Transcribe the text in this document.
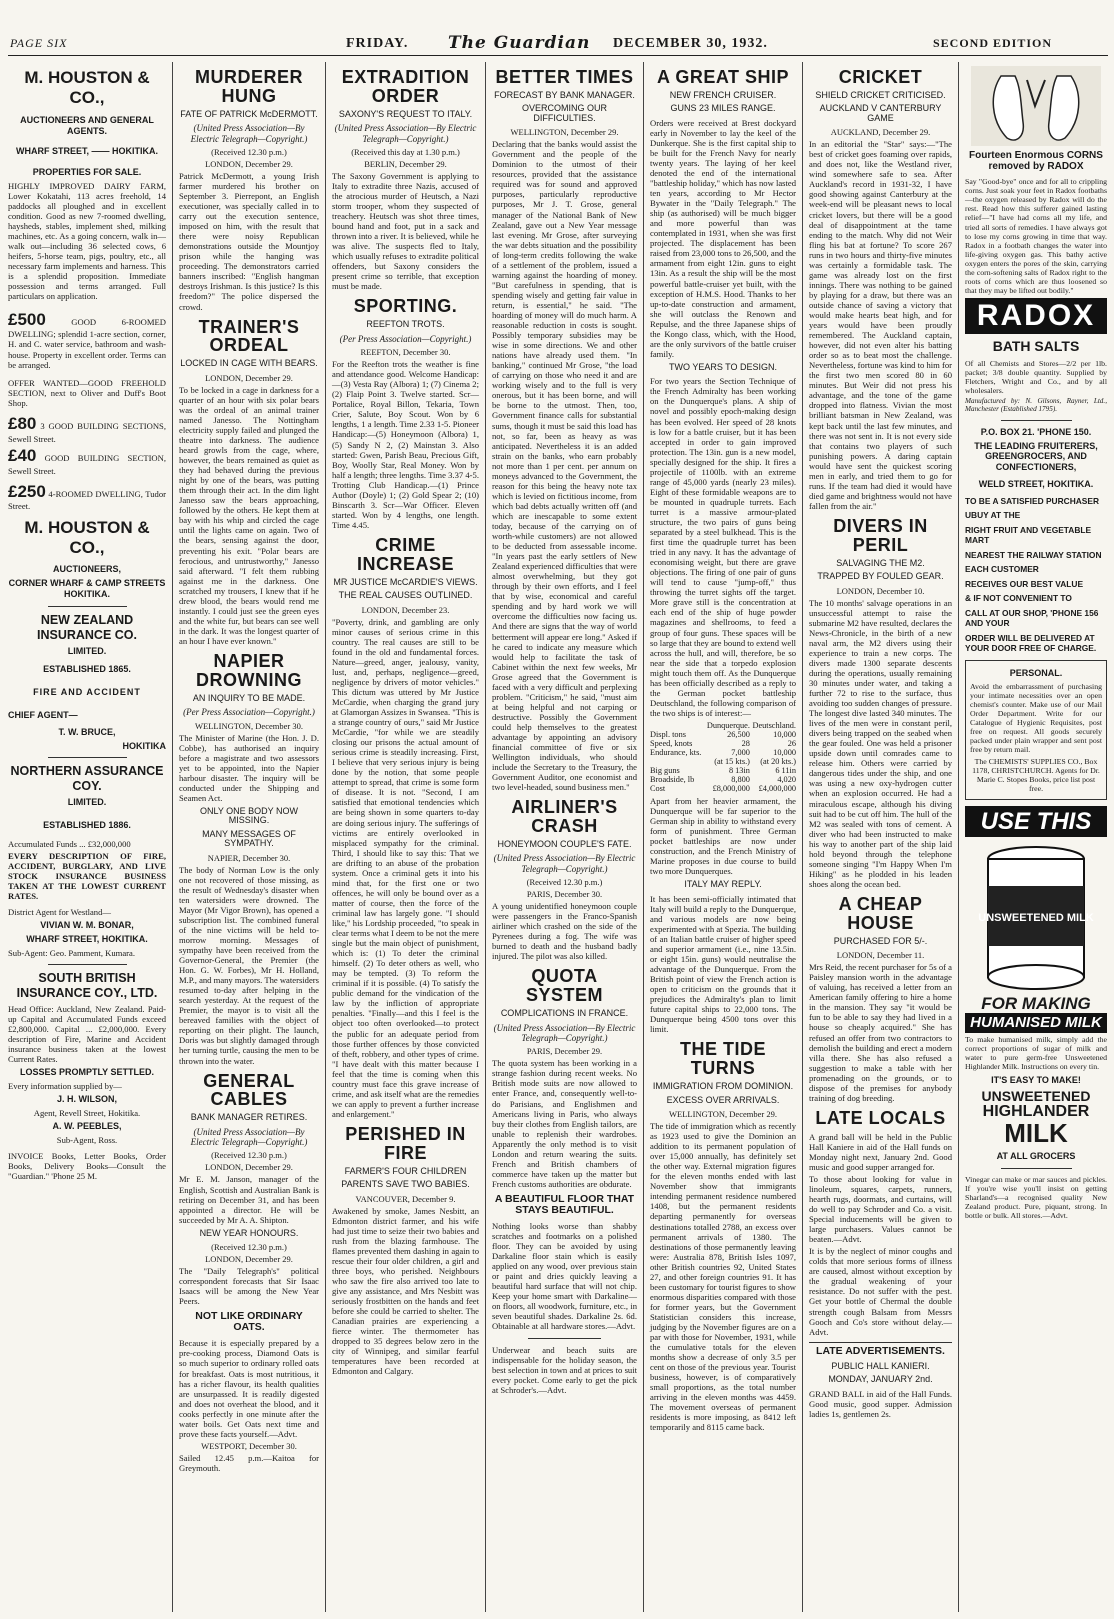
PAGE SIX	FRIDAY. The Guardian DECEMBER 30, 1932.	SECOND EDITION
M. HOUSTON & CO.,
AUCTIONEERS AND GENERAL AGENTS.
WHARF STREET, —— HOKITIKA.
PROPERTIES FOR SALE.
HIGHLY IMPROVED DAIRY FARM, Lower Kokatahi, 113 acres freehold, 14 paddocks all ploughed and in excellent condition. Good as new 7-roomed dwelling, haysheds, stables, implement shed, milking machines, etc. As a going concern, walk in—walk out—including 36 selected cows, 6 heifers, 5-horse team, pigs, poultry, etc., all necessary farm implements and harness. This is a splendid proposition. Immediate possession and terms arranged. Full particulars on application.
£500	GOOD 6-ROOMED DWELLING; splendid 1-acre section, corner, H. and C. water service, bathroom and wash-house. Property in excellent order. Terms can be arranged.
OFFER WANTED—GOOD FREEHOLD SECTION, next to Oliver and Duff's Boot Shop.
£80 3 GOOD BUILDING SECTIONS, Sewell Street.
£40 GOOD BUILDING SECTION, Sewell Street.
£250 4-ROOMED DWELLING, Tudor Street.
M. HOUSTON & CO.,
AUCTIONEERS,
CORNER WHARF & CAMP STREETS HOKITIKA.
NEW ZEALAND INSURANCE CO.
LIMITED.
ESTABLISHED 1865.
FIRE AND ACCIDENT
CHIEF AGENT—
T. W. BRUCE,
HOKITIKA
NORTHERN ASSURANCE COY.
LIMITED.
ESTABLISHED 1886.
Accumulated Funds ... £32,000,000
EVERY DESCRIPTION OF FIRE, ACCIDENT, BURGLARY, AND LIVE STOCK INSURANCE BUSINESS TAKEN AT THE LOWEST CURRENT RATES.
District Agent for Westland—
VIVIAN W. M. BONAR,
WHARF STREET, HOKITIKA.
Sub-Agent: Geo. Pamment, Kumara.
SOUTH BRITISH INSURANCE COY., LTD.
Head Office: Auckland, New Zealand. Paid-up Capital and Accumulated Funds exceed £2,800,000. Capital ... £2,000,000. Every description of Fire, Marine and Accident insurance business taken at the lowest Current Rates.
LOSSES PROMPTLY SETTLED.
Every information supplied by—
J. H. WILSON,
Agent, Revell Street, Hokitika.
A. W. PEEBLES,
Sub-Agent, Ross.
INVOICE Books, Letter Books, Order Books, Delivery Books—Consult the "Guardian." 'Phone 25 M.
MURDERER HUNG
FATE OF PATRICK McDERMOTT.
(United Press Association—By Electric Telegraph—Copyright.)
(Received 12.30 p.m.)
LONDON, December 29.
Patrick McDermott, a young Irish farmer murdered his brother on September 3. Pierrepont, an English executioner, was specially called in to carry out the execution sentence, imposed on him, with the result that there were noisy Republican demonstrations outside the Mountjoy prison while the hanging was proceeding. The demonstrators carried banners inscribed: "English hangman destroys Irishman. Is this justice? Is this freedom?" The police dispersed the crowd.
TRAINER'S ORDEAL
LOCKED IN CAGE WITH BEARS.
LONDON, December 29.
To be locked in a cage in darkness for a quarter of an hour with six polar bears was the ordeal of an animal trainer named Janesso. The Nottingham electricity supply failed and plunged the theatre into darkness. The audience heard growls from the cage, where, however, the bears remained as quiet as they had behaved during the previous night by one of the bears, was putting them through their act. In the dim light Janesso saw the bears approaching, followed by the others. He kept them at bay with his whip and circled the cage until the lights came on again. Two of the bears, sensing against the door, preventing his exit. "Polar bears are ferocious, and untrustworthy," Janesso said afterward. "I felt them rubbing against me in the darkness. One scratched my trousers, I knew that if he drew blood, the bears would rend me instantly. I could just see the green eyes and the white fur, but bears can see well in the dark. It was the longest quarter of an hour I have ever known."
NAPIER DROWNING
AN INQUIRY TO BE MADE.
(Per Press Association—Copyright.)
WELLINGTON, December 30.
The Minister of Marine (the Hon. J. D. Cobbe), has authorised an inquiry before a magistrate and two assessors yet to be appointed, into the Napier harbour disaster. The inquiry will be conducted under the Shipping and Seamen Act.
ONLY ONE BODY NOW MISSING.
MANY MESSAGES OF SYMPATHY.
NAPIER, December 30.
The body of Norman Low is the only one not recovered of those missing, as the result of Wednesday's disaster when ten watersiders were drowned. The Mayor (Mr Vigor Brown), has opened a subscription list. The combined funeral of the nine victims will be held to-morrow morning. Messages of sympathy have been received from the Governor-General, the Premier (the Hon. G. W. Forbes), Mr H. Holland, M.P., and many mayors. The watersiders resumed to-day after helping in the search yesterday. At the request of the Premier, the mayor is to visit all the bereaved families with the object of reporting on their plight. The launch, Doris was but slightly damaged through her turning turtle, causing the men to be thrown into the water.
GENERAL CABLES
BANK MANAGER RETIRES.
(United Press Association—By Electric Telegraph—Copyright.)
(Received 12.30 p.m.)
LONDON, December 29.
Mr E. M. Janson, manager of the English, Scottish and Australian Bank is retiring on December 31, and has been appointed a director. He will be succeeded by Mr A. A. Shipton.
NEW YEAR HONOURS.
(Received 12.30 p.m.)
LONDON, December 29.
The "Daily Telegraph's" political correspondent forecasts that Sir Isaac Isaacs will be among the New Year Peers.
NOT LIKE ORDINARY OATS.
Because it is especially prepared by a pre-cooking process, Diamond Oats is so much superior to ordinary rolled oats for breakfast. Oats is most nutritious, it has a richer flavour, its health qualities are unsurpassed. It is readily digested and does not overheat the blood, and it cooks perfectly in one minute after the water boils. Get Oats next time and prove these facts yourself.—Advt.
WESTPORT, December 30.
Sailed 12.45 p.m.—Kaitoa for Greymouth.
EXTRADITION ORDER
SAXONY'S REQUEST TO ITALY.
(United Press Association—By Electric Telegraph—Copyright.)
(Received this day at 1.30 p.m.)
BERLIN, December 29.
The Saxony Government is applying to Italy to extradite three Nazis, accused of the atrocious murder of Heutsch, a Nazi storm trooper, whom they suspected of treachery. Heutsch was shot three times, bound hand and foot, put in a sack and thrown into a river. It is believed, while he was alive. The suspects fled to Italy, which usually refuses to extradite political offenders, but Saxony considers the present crime so terrible, that exception must be made.
SPORTING.
REEFTON TROTS.
(Per Press Association—Copyright.)
REEFTON, December 30.
For the Reefton trots the weather is fine and attendance good. Welcome Handicap:—(3) Vesta Ray (Albora) 1; (7) Cinema 2; (2) Flaip Point 3. Twelve started. Scr—Portalice, Royal Billon, Tekaria, Town Crier, Salute, Boy Scout. Won by 6 lengths, 1 a length. Time 2.33 1-5. Pioneer Handicap:—(5) Honeymoon (Albora) 1, (5) Sandy N 2, (2) Mainstan 3. Also started: Gwen, Parish Beau, Precious Gift, Boy, Woolly Star, Real Money. Won by half a length; three lengths. Time 3.37 4-5. Trotting Club Handicap.—(1) Prince Author (Doyle) 1; (2) Gold Spear 2; (10) Binscarth 3. Scr—War Officer. Eleven started. Won by 4 lengths, one length. Time 4.45.
CRIME INCREASE
MR JUSTICE McCARDIE'S VIEWS.
THE REAL CAUSES OUTLINED.
LONDON, December 23.
"Poverty, drink, and gambling are only minor causes of serious crime in this country. The real causes are still to be found in the old and fundamental forces. Nature—greed, anger, jealousy, vanity, lust, and, perhaps, negligence—greed, negligence by drivers of motor vehicles." This dictum was uttered by Mr Justice McCardie, when charging the grand jury at Glamorgan Assizes in Swansea. "This is a strange country of ours," said Mr Justice McCardie, "for while we are steadily closing our prisons the actual amount of serious crime is steadily increasing. First, I believe that very serious injury is being done by the notion, that some people attempt to spread, that crime is some form of disease. It is not. "Second, I am satisfied that emotional tendencies which are being shown in some quarters to-day are doing serious injury. The sufferings of victims are entirely overlooked in misplaced sympathy for the criminal. Third, I should like to say this: That we are drifting to an abuse of the probation system. Once a criminal gets it into his mind that, for the first one or two offences, he will only be bound over as a matter of course, then the force of the criminal law has largely gone. "I should like," his Lordship proceeded, "to speak in clear terms what I deem to be not the mere single but the main object of punishment, which is: (1) To deter the criminal himself. (2) To deter others as well, who may be tempted. (3) To reform the criminal if it is possible. (4) To satisfy the public demand for the vindication of the law by the infliction of appropriate penalties. "Finally—and this I feel is the object too often overlooked—to protect the public for an adequate period from those further offences by those convicted of theft, robbery, and other types of crime. "I have dealt with this matter because I feel that the time is coming when this country must face this grave increase of crime, and ask itself what are the remedies we can apply to prevent a further increase and enlargement."
PERISHED IN FIRE
FARMER'S FOUR CHILDREN
PARENTS SAVE TWO BABIES.
VANCOUVER, December 9.
Awakened by smoke, James Nesbitt, an Edmonton district farmer, and his wife had just time to seize their two babies and rush from the blazing farmhouse. The flames prevented them dashing in again to rescue their four older children, a girl and three boys, who perished. Neighbours who saw the fire also arrived too late to give any assistance, and Mrs Nesbitt was seriously frostbitten on the hands and feet before she could be carried to shelter. The Canadian prairies are experiencing a fierce winter. The thermometer has dropped to 35 degrees below zero in the city of Winnipeg, and similar fearful temperatures have been recorded at Edmonton and Calgary.
BETTER TIMES
FORECAST BY BANK MANAGER.
OVERCOMING OUR DIFFICULTIES.
WELLINGTON, December 29.
Declaring that the banks would assist the Government and the people of the Dominion to the utmost of their resources, provided that the assistance required was for sound and approved purposes, particularly reproductive purposes, Mr J. T. Grose, general manager of the National Bank of New Zealand, gave out a New Year message last evening. Mr Grose, after surveying the war debts situation and the possibility of long-term credits following the wake of a settlement of the problem, issued a warning against the hoarding of money. "But carefulness in spending, that is spending wisely and getting fair value in return, is essential," he said. "The hoarding of money will do much harm. A reasonable reduction in costs is sought. Possibly temporary subsidies may be wise in some directions. We and other nations have already used them. "In banking," continued Mr Grose, "the load of carrying on those who need it and are working wisely and to the full is very onerous, but it has been borne, and will be borne to the utmost. Then, too, Government finance calls for substantial sums, though it must be said this load has not, so far, been as heavy as was anticipated. Nevertheless it is an added strain on the banks, who earn probably not more than 1 per cent. per annum on moneys advanced to the Government, the reason for this being the heavy note tax which is levied on fictitious income, from which bad debts actually written off (and which are inescapable to some extent today, because of the carrying on of worth-while customers) are not allowed to be deducted from assessable income. "In years past the early settlers of New Zealand experienced difficulties that were almost overwhelming, but they got through by their own efforts, and I feel that by wise, economical and careful spending and by hard work we will overcome the difficulties now facing us. And there are signs that the way of world betterment will appear ere long." Asked if he cared to indicate any measure which would help to facilitate the task of Cabinet within the next few weeks, Mr Grose agreed that the Government is faced with a very difficult and perplexing problem. "Criticism," he said, "must aim at being helpful and not carping or destructive. Possibly the Government could help themselves to the greatest advantage by appointing an advisory financial committee of five or six Wellington individuals, who should include the Secretary to the Treasury, the Government Auditor, one economist and two level-headed, sound business men."
AIRLINER'S CRASH
HONEYMOON COUPLE'S FATE.
(United Press Association—By Electric Telegraph—Copyright.)
(Received 12.30 p.m.)
PARIS, December 30.
A young unidentified honeymoon couple were passengers in the Franco-Spanish airliner which crashed on the side of the Pyrenees during a fog. The wife was burned to death and the husband badly injured. The pilot was also killed.
QUOTA SYSTEM
COMPLICATIONS IN FRANCE.
(United Press Association—By Electric Telegraph—Copyright.)
PARIS, December 29.
The quota system has been working in a strange fashion during recent weeks. No British mode suits are now allowed to enter France, and, consequently well-to-do Parisians, and Englishmen and Americans living in Paris, who always buy their clothes from English tailors, are unable to replenish their wardrobes. Apparently the only method is to visit London and return wearing the suits. French and British chambers of commerce have taken up the matter but French customs authorities are obdurate.
A BEAUTIFUL FLOOR THAT STAYS BEAUTIFUL.
Nothing looks worse than shabby scratches and footmarks on a polished floor. They can be avoided by using Darkaline floor stain which is easily applied on any wood, over previous stain or paint and dries quickly leaving a beautiful hard surface that will not chip. Keep your home smart with Darkaline—on floors, all woodwork, furniture, etc., in seven beautiful shades. Darkaline 2s. 6d. Obtainable at all hardware stores.—Advt.
Underwear and beach suits are indispensable for the holiday season, the best selection in town and at prices to suit every pocket. Come early to get the pick at Schroder's.—Advt.
A GREAT SHIP
NEW FRENCH CRUISER.
GUNS 23 MILES RANGE.
Orders were received at Brest dockyard early in November to lay the keel of the Dunkerque. She is the first capital ship to be built for the French Navy for nearly twenty years. The laying of her keel denoted the end of the international "battleship holiday," which has now lasted ten years, according to Mr Hector Bywater in the "Daily Telegraph." The ship (as authorised) will be much bigger and more powerful than was contemplated in 1931, when she was first projected. The displacement has been raised from 23,000 tons to 26,500, and the armament from eight 12in. guns to eight 13in. As a result the ship will be the most powerful battle-cruiser yet built, with the exception of H.M.S. Hood. Thanks to her up-to-date construction and armament, she will outclass the Renown and Repulse, and the three Japanese ships of the Kongo class, which, with the Hood, are the only survivors of the battle cruiser family.
TWO YEARS TO DESIGN.
For two years the Section Technique of the French Admiralty has been working on the Dunquerque's plans. A ship of novel and possibly epoch-making design has been evolved. Her speed of 28 knots is low for a battle cruiser, but it has been accepted in order to gain improved protection. The 13in. gun is a new model, specially designed for the ship. It fires a projectile of 1100lb. with an extreme range of 45,000 yards (nearly 23 miles). Eight of these formidable weapons are to be mounted in quadruple turrets. Each turret is a massive armour-plated structure, the two pairs of guns being separated by a steel bulkhead. This is the first time the quadruple turret has been tried in any navy. It has the advantage of economising weight, but there are grave objections. The firing of one pair of guns will tend to cause "jump-off," thus throwing the turret sights off the target. More grave still is the concentration at each end of the ship of huge powder magazines and shellrooms, to feed a group of four guns. These spaces will be so large that they are bound to extend well across the hull, and will, therefore, be so near the side that a torpedo explosion might touch them off. As the Dunquerque has been officially described as a reply to the German pocket battleship Deutschland, the following comparison of the two ships is of interest:—
	Dunquerque.	Deutschland.
Displ. tons	26,500	10,000
Speed, knots	28	26
Endurance, kts.	7,000	10,000
	(at 15 kts.)	(at 20 kts.)
Big guns	8 13in	6 11in
Broadside, lb	8,800	4,020
Cost	£8,000,000	£4,000,000
Apart from her heavier armament, the Dunquerque will be far superior to the German ship in ability to withstand every form of punishment. Three German pocket battleships are now under construction, and the French Ministry of Marine proposes in due course to build two more Dunquerques.
ITALY MAY REPLY.
It has been semi-officially intimated that Italy will build a reply to the Dunquerque, and various models are now being experimented with at Spezia. The building of an Italian battle cruiser of higher speed and superior armament (i.e., nine 13.5in. or eight 15in. guns) would neutralise the advantage of the Dunquerque. From the British point of view the French action is open to criticism on the grounds that it prejudices the Admiralty's plan to limit future capital ships to 22,000 tons. The Dunquerque being 4500 tons over this limit.
THE TIDE TURNS
IMMIGRATION FROM DOMINION.
EXCESS OVER ARRIVALS.
WELLINGTON, December 29.
The tide of immigration which as recently as 1923 used to give the Dominion an addition to its permanent population of over 15,000 annually, has definitely set the other way. External migration figures for the eleven months ended with last November show that immigrants intending permanent residence numbered 1408, but the permanent residents departing permanently for overseas destinations totalled 2788, an excess over permanent arrivals of 1380. The destinations of those permanently leaving were: Australia 878, British Isles 1097, other British countries 92, United States 27, and other foreign countries 91. It has been customary for tourist figures to show enormous disparities compared with those for former years, but the Government Statistician considers this increase, judging by the November figures are on a par with those for November, 1931, while the cumulative totals for the eleven months show a decrease of only 3.5 per cent on those of the previous year. Tourist business, however, is of comparatively small proportions, as the total number arriving in the eleven months was 4459. The movement overseas of permanent residents is more imposing, as 8412 left temporarily and 8115 came back.
CRICKET
SHIELD CRICKET CRITICISED.
AUCKLAND V CANTERBURY GAME
AUCKLAND, December 29.
In an editorial the "Star" says:—"The best of cricket goes foaming over rapids, and does not, like the Westland river, wind somewhere safe to sea. After Auckland's record in 1931-32, I have good showing against Canterbury at the week-end will be pleasant news to local cricket lovers, but there will be a good deal of disappointment at the tame ending to the match. Why did not Weir fling his bat at fortune? To score 267 runs in two hours and thirty-five minutes was certainly a formidable task. The game was already lost on the first innings. There was nothing to be gained by playing for a draw, but there was an outside chance of saving a victory that would make hearts beat high, and for years would have been proudly remembered. The Auckland captain, however, did not even alter his batting order so as to beat most the challenge. Nevertheless, fortune was kind to him for the first two men scored 80 in 60 minutes. But Weir did not press his advantage, and the tone of the game dropped into flatness. Vivian the most brilliant batsman in New Zealand, was kept back until the last few minutes, and there was not sent in. It is not every side that contains two players of such punishing powers. A daring captain would have sent the quickest scoring men in early, and tried them to go for runs. If the team had died it would have died game and brightness would not have fallen from the air."
DIVERS IN PERIL
SALVAGING THE M2.
TRAPPED BY FOULED GEAR.
LONDON, December 10.
The 10 months' salvage operations in an unsuccessful attempt to raise the submarine M2 have resulted, declares the News-Chronicle, in the birth of a new naval arm, the M2 divers using their experience to train a new corps. The divers made 1300 separate descents during the operations, usually remaining 30 minutes under water, and taking a further 72 to rise to the surface, thus avoiding too sudden changes of pressure. The longest dive lasted 340 minutes. The lives of the men were in constant peril, divers being trapped on the seabed when the gear fouled. One was held a prisoner upside down until comrades came to release him. Others were carried by dangerous tides under the ship, and one was using a new oxy-hydrogen cutter when an explosion occurred. He had a miraculous escape, although his diving suit had to be cut off him. The hull of the M2 was sealed with tons of cement. A diver who had been instructed to make his way to another part of the ship laid hold beyond through the telephone someone singing "I'm Happy When I'm Hiking" as he plodded in his leaden shoes along the ocean bed.
A CHEAP HOUSE
PURCHASED FOR 5/-.
LONDON, December 11.
Mrs Reid, the recent purchaser for 5s of a Paisley mansion worth in the advantage of valuing, has received a letter from an American family offering to hire a home in the mansion. They say "it would be fun to be able to say they had lived in a house so cheaply acquired." She has refused an offer from two contractors to demolish the building and erect a modern villa there. She has also refused a suggestion to make a table with her promenading on the grounds, or to dispose of the premises for anybody training of dog breeding.
LATE LOCALS
A grand ball will be held in the Public Hall Kaniere in aid of the Hall funds on Monday night next, January 2nd. Good music and good supper arranged for.
To those about looking for value in linoleum, squares, carpets, runners, hearth rugs, doormats, and curtains, will do well to pay Schroder and Co. a visit. Special inducements will be given to large purchasers. Values cannot be beaten.—Advt.
It is by the neglect of minor coughs and colds that more serious forms of illness are caused, almost without exception by the gradual weakening of your resistance. Do not suffer with the pest. Get your bottle of Chermal the double strength cough Balsam from Messrs Gooch and Co's store without delay.—Advt.
LATE ADVERTISEMENTS.
PUBLIC HALL KANIERI.
MONDAY, JANUARY 2nd.
GRAND BALL in aid of the Hall Funds. Good music, good supper. Admission ladies 1s, gentlemen 2s.
Fourteen Enormous CORNS removed by RADOX
Say "Good-bye" once and for all to crippling corns. Just soak your feet in Radox footbaths—the oxygen released by Radox will do the rest. Read how this sufferer gained lasting relief—"I have had corns all my life, and tried all sorts of remedies. I have always got to lose my corns growing in time that way. Radox in a footbath changes the water into life-giving oxygen gas. This bathy active oxygen enters the pores of the skin, carrying the corn-softening salts of Radox right to the roots of corns which are thus loosened so that they may be lifted out bodily."
RADOX
BATH SALTS
Of all Chemists and Stores—2/2 per 1lb. packet; 3/8 double quantity. Supplied by Fletchers, Wright and Co., and by all wholesalers.
Manufactured by: N. Gilsons, Rayner, Ltd., Manchester (Established 1795).
P.O. BOX 21. 'PHONE 150.
THE LEADING FRUITERERS, GREENGROCERS, AND CONFECTIONERS,
WELD STREET, HOKITIKA.
TO BE A SATISFIED PURCHASER
UBUY AT THE
RIGHT FRUIT AND VEGETABLE MART
NEAREST THE RAILWAY STATION
EACH CUSTOMER
RECEIVES OUR BEST VALUE
& IF NOT CONVENIENT TO
CALL AT OUR SHOP, 'PHONE 156 AND YOUR
ORDER WILL BE DELIVERED AT YOUR DOOR FREE OF CHARGE.
PERSONAL.
Avoid the embarrassment of purchasing your intimate necessities over an open chemist's counter. Make use of our Mail Order Department. Write for our Catalogue of Hygienic Requisites, post free on request. All goods securely packed under plain wrapper and sent post free by return mail.
The CHEMISTS' SUPPLIES CO., Box 1178, CHRISTCHURCH. Agents for Dr. Marie C. Stopes Books, price list post free.
USE THIS
UNSWEETENED MILK
FOR MAKING
HUMANISED MILK
To make humanised milk, simply add the correct proportions of sugar of milk and water to pure germ-free Unsweetened Highlander Milk. Instructions on every tin.
IT'S EASY TO MAKE!
UNSWEETENED
HIGHLANDER
MILK
AT ALL GROCERS
Vinegar can make or mar sauces and pickles. If you're wise you'll insist on getting Sharland's—a recognised quality New Zealand product. Pure, piquant, strong. In bottle or bulk. All stores.—Advt.
